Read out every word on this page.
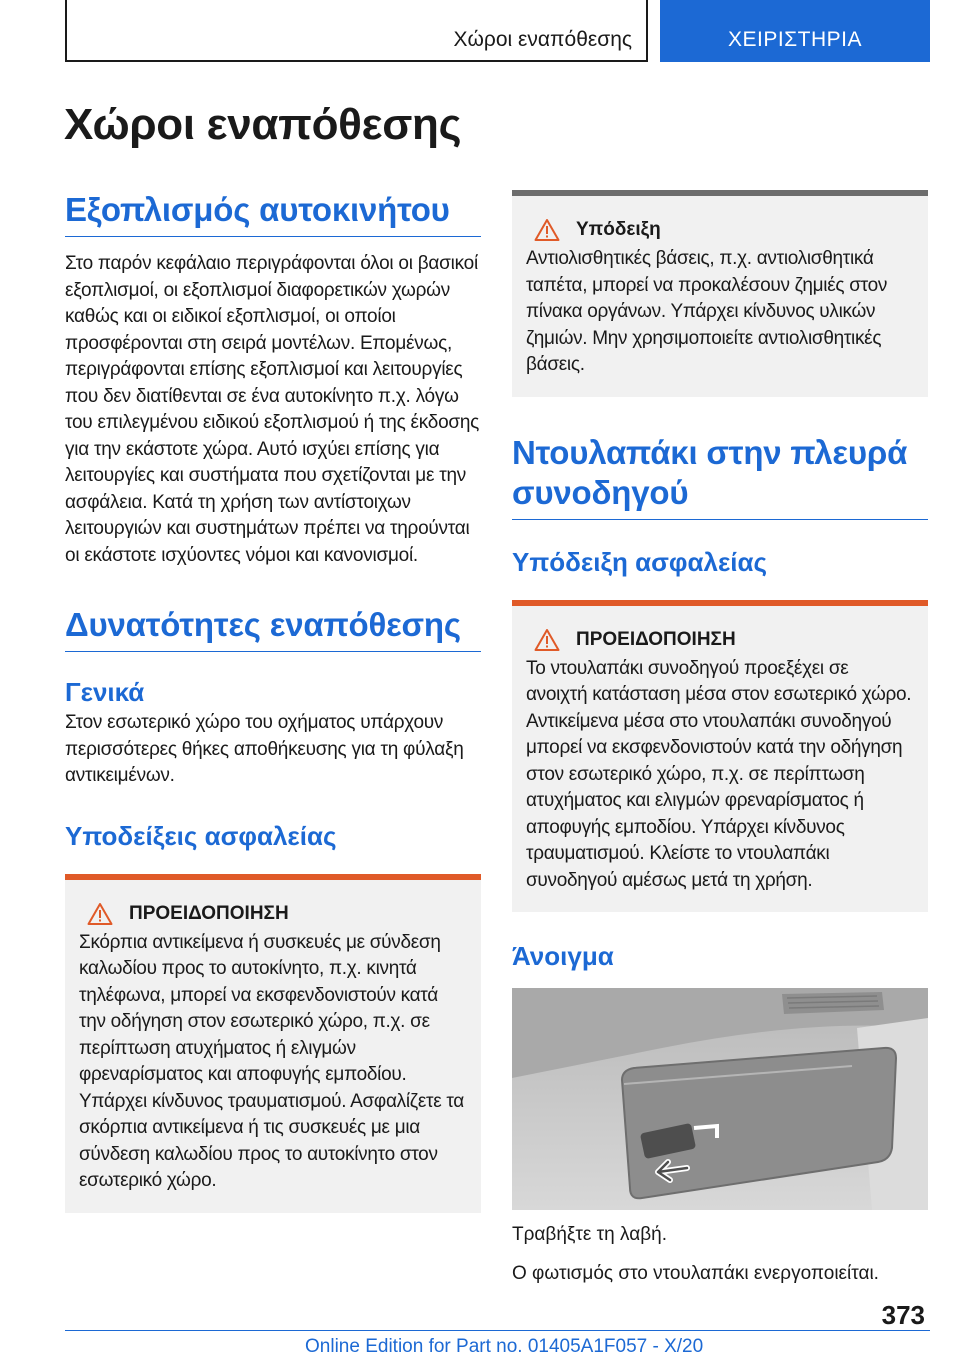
Χώροι εναπόθεσης	ΧΕΙΡΙΣΤΗΡΙΑ
Χώροι εναπόθεσης
Εξοπλισμός αυτοκινήτου

Στο παρόν κεφάλαιο περιγράφονται όλοι οι βασικοί εξοπλισμοί, οι εξοπλισμοί διαφορετικών χωρών καθώς και οι ειδικοί εξοπλισμοί, οι οποίοι προσφέρονται στη σειρά μοντέλων. Επομένως, περιγράφονται επίσης εξοπλισμοί και λειτουργίες που δεν διατίθενται σε ένα αυτοκίνητο π.χ. λόγω του επιλεγμένου ειδικού εξοπλισμού ή της έκδοσης για την εκάστοτε χώρα. Αυτό ισχύει επίσης για λειτουργίες και συστήματα που σχετίζονται με την ασφάλεια. Κατά τη χρήση των αντίστοιχων λειτουργιών και συστημάτων πρέπει να τηρούνται οι εκάστοτε ισχύοντες νόμοι και κανονισμοί.

Δυνατότητες εναπόθεσης
Γενικά

Στον εσωτερικό χώρο του οχήματος υπάρχουν περισσότερες θήκες αποθήκευσης για τη φύλαξη αντικειμένων.

Υποδείξεις ασφαλείας
ΠΡΟΕΙΔΟΠΟΙΗΣΗ

Σκόρπια αντικείμενα ή συσκευές με σύνδεση καλωδίου προς το αυτοκίνητο, π.χ. κινητά τηλέφωνα, μπορεί να εκσφενδονιστούν κατά την οδήγηση στον εσωτερικό χώρο, π.χ. σε περίπτωση ατυχήματος ή ελιγμών φρεναρίσματος και αποφυγής εμποδίου. Υπάρχει κίνδυνος τραυματισμού. Ασφαλίζετε τα σκόρπια αντικείμενα ή τις συσκευές με μια σύνδεση καλωδίου προς το αυτοκίνητο στον εσωτερικό χώρο.

Υπόδειξη

Αντιολισθητικές βάσεις, π.χ. αντιολισθητικά ταπέτα, μπορεί να προκαλέσουν ζημιές στον πίνακα οργάνων. Υπάρχει κίνδυνος υλικών ζημιών. Μην χρησιμοποιείτε αντιολισθητικές βάσεις.

Ντουλαπάκι στην πλευρά συνοδηγού
Υπόδειξη ασφαλείας
ΠΡΟΕΙΔΟΠΟΙΗΣΗ

Το ντουλαπάκι συνοδηγού προεξέχει σε ανοιχτή κατάσταση μέσα στον εσωτερικό χώρο. Αντικείμενα μέσα στο ντουλαπάκι συνοδηγού μπορεί να εκσφενδονιστούν κατά την οδήγηση στον εσωτερικό χώρο, π.χ. σε περίπτωση ατυχήματος και ελιγμών φρεναρίσματος ή αποφυγής εμποδίου. Υπάρχει κίνδυνος τραυματισμού. Κλείστε το ντουλαπάκι συνοδηγού αμέσως μετά τη χρήση.

Άνοιγμα

Τραβήξτε τη λαβή.

Ο φωτισμός στο ντουλαπάκι ενεργοποιείται.

373
Online Edition for Part no. 01405A1F057 - X/20
